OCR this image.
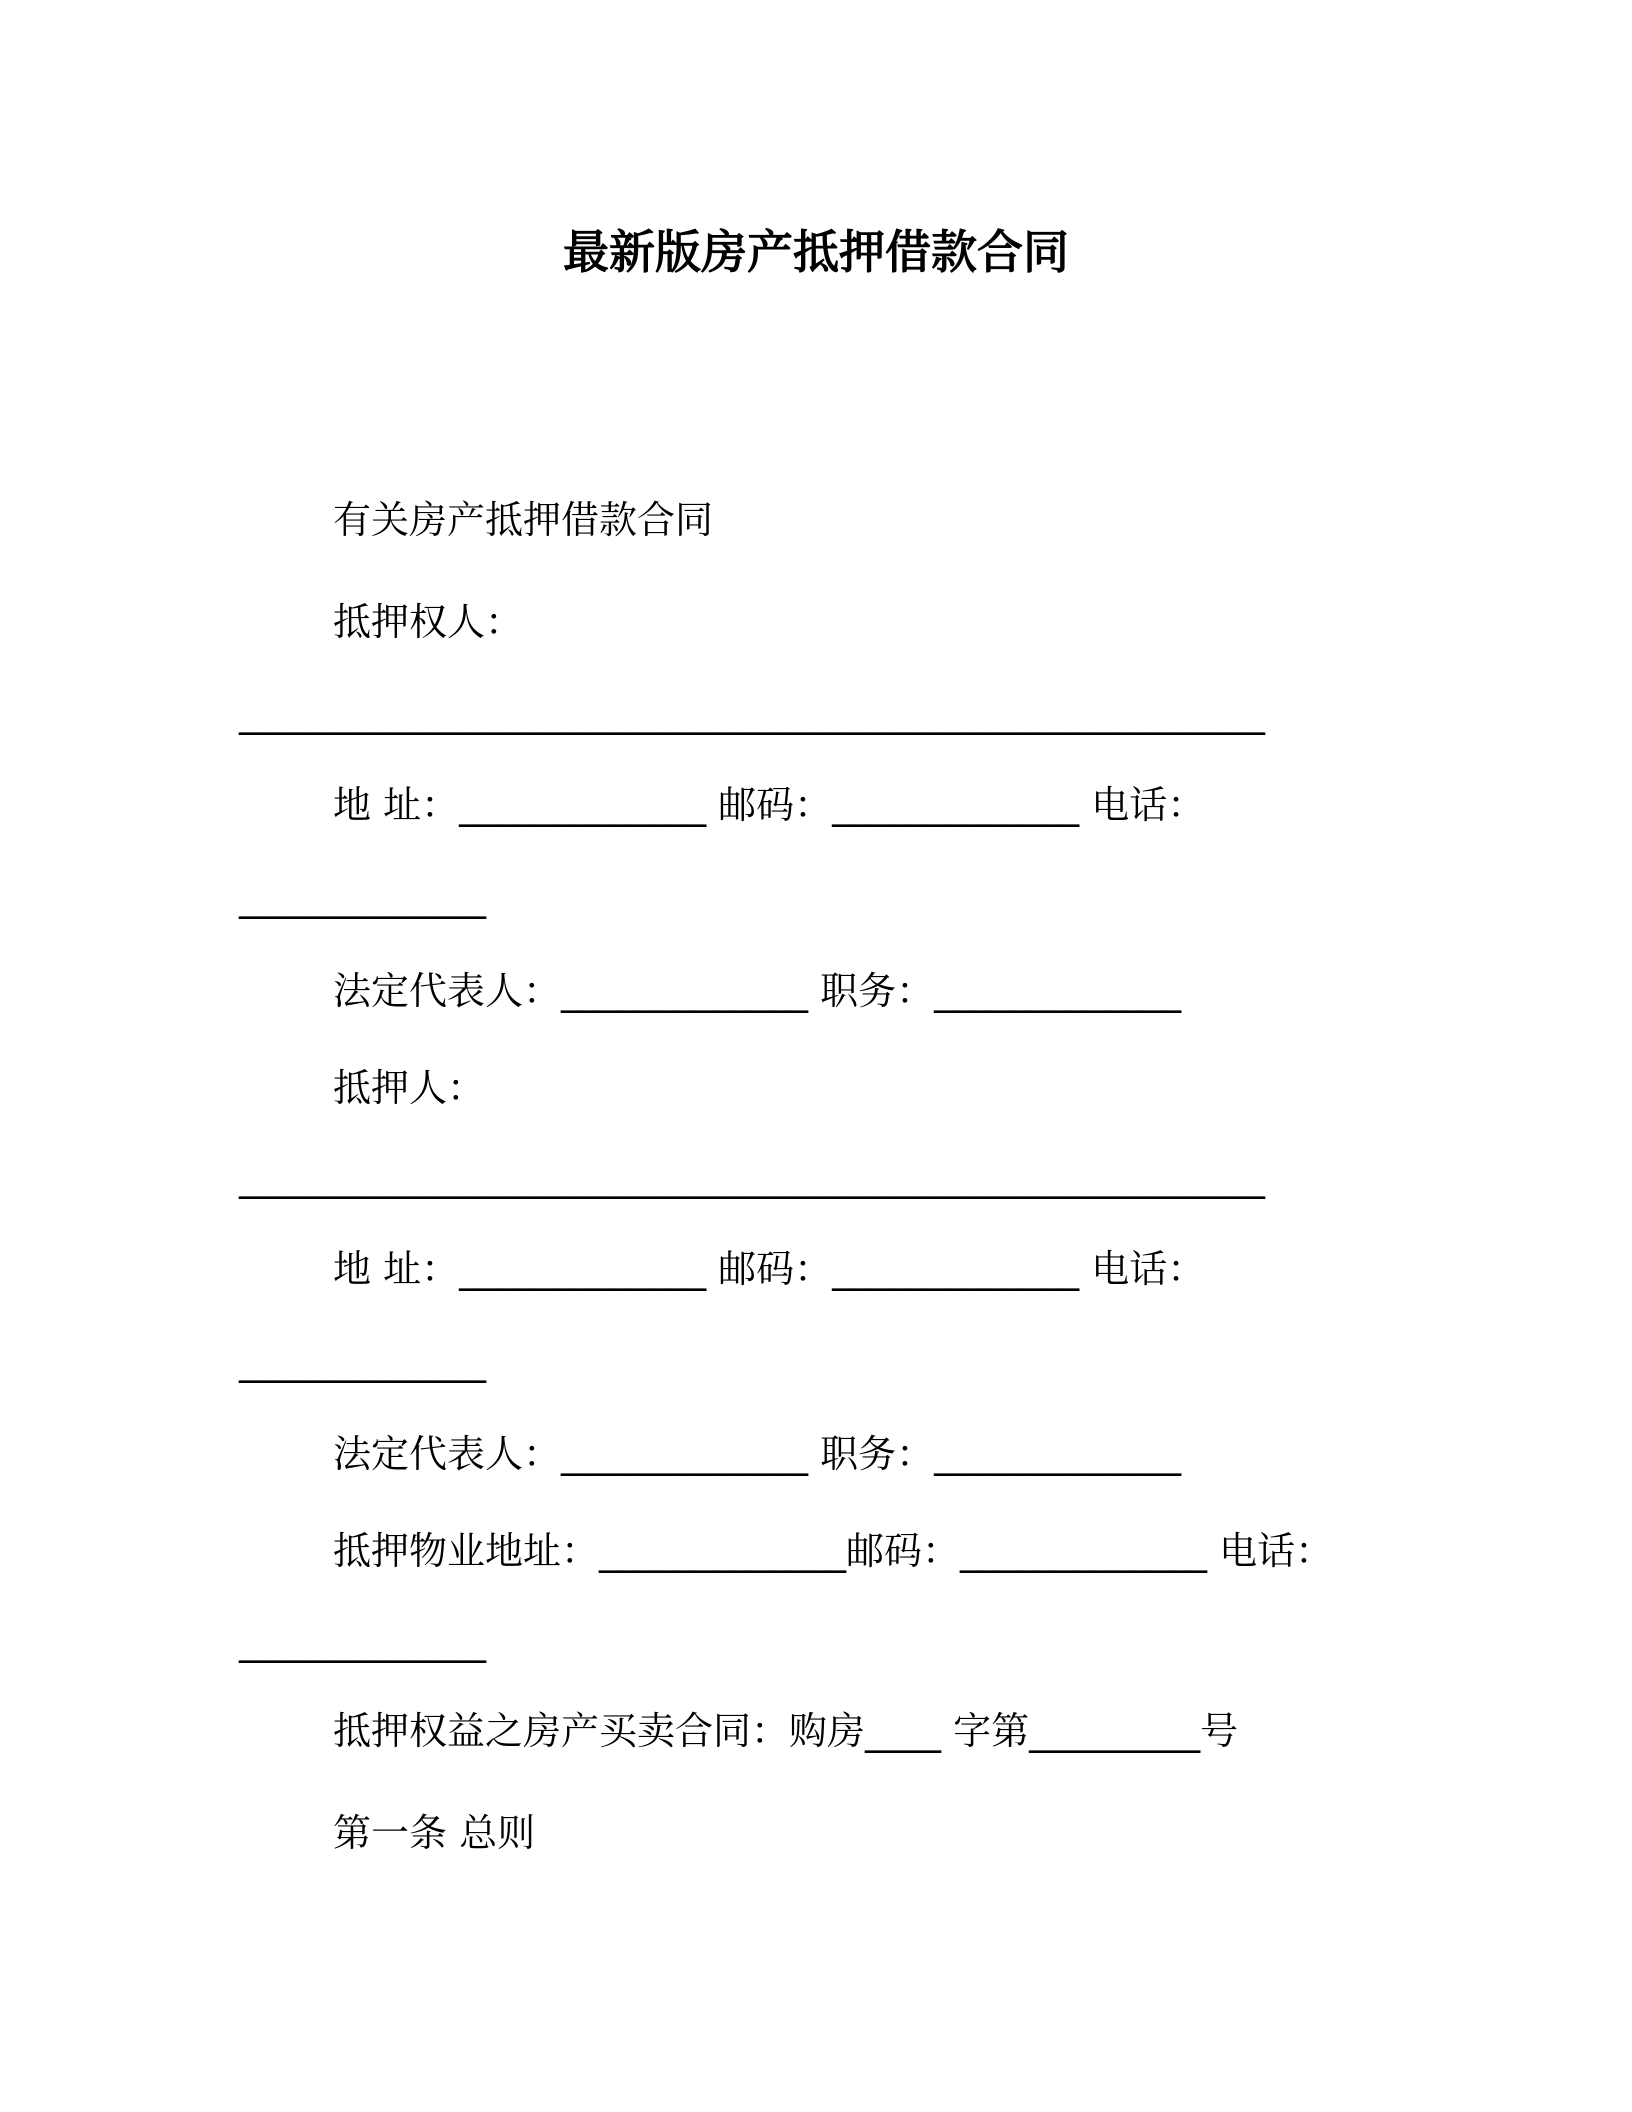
最新版房产抵押借款合同
有关房产抵押借款合同
抵押权人：
______________________________________________________
地 址：_____________ 邮码：_____________ 电话：
_____________
法定代表人：_____________ 职务：_____________
抵押人：
______________________________________________________
地 址：_____________ 邮码：_____________ 电话：
_____________
法定代表人：_____________ 职务：_____________
抵押物业地址：_____________邮码：_____________ 电话：
_____________
抵押权益之房产买卖合同：购房____ 字第_________号
第一条 总则
